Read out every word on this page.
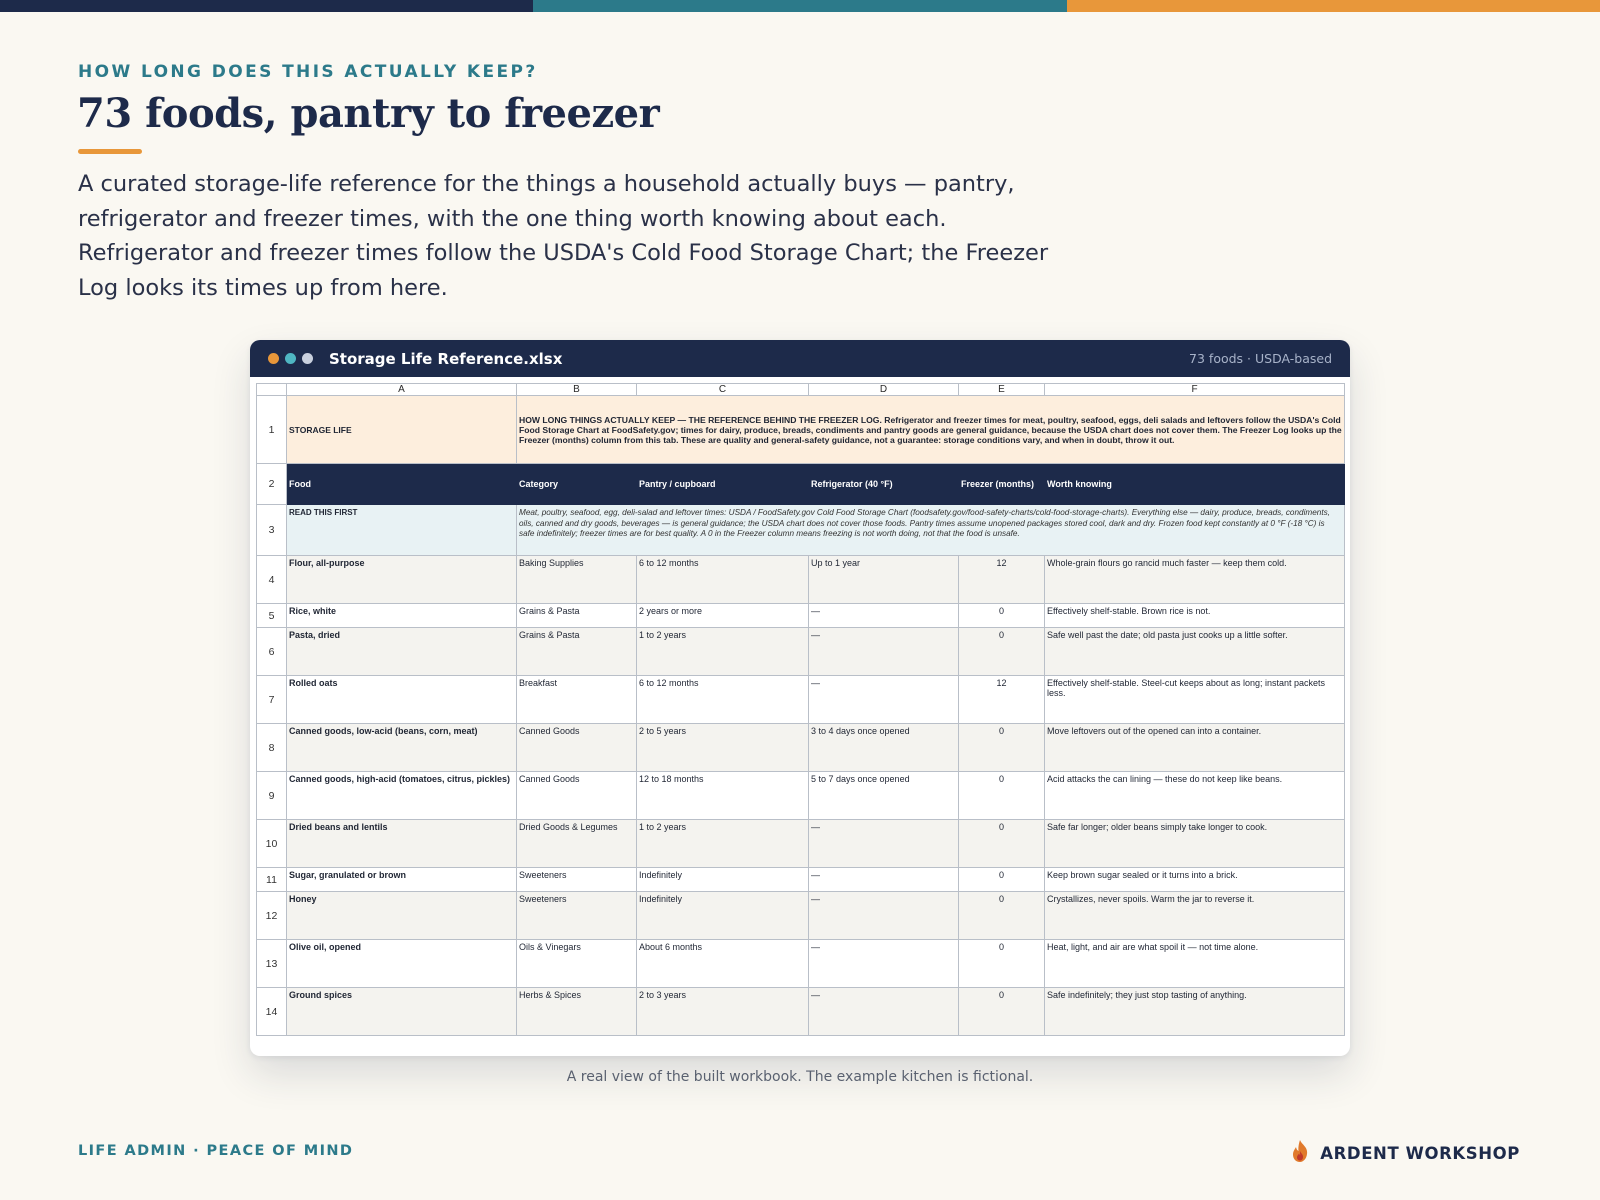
HOW LONG DOES THIS ACTUALLY KEEP?
73 foods, pantry to freezer
A curated storage-life reference for the things a household actually buys — pantry, refrigerator and freezer times, with the one thing worth knowing about each. Refrigerator and freezer times follow the USDA's Cold Food Storage Chart; the Freezer Log looks its times up from here.
Storage Life Reference.xlsx	73 foods · USDA-based
	A	B	C	D	E	F
1	STORAGE LIFE	HOW LONG THINGS ACTUALLY KEEP — THE REFERENCE BEHIND THE FREEZER LOG. Refrigerator and freezer times for meat, poultry, seafood, eggs, deli salads and leftovers follow the USDA's Cold Food Storage Chart at FoodSafety.gov; times for dairy, produce, breads, condiments and pantry goods are general guidance, because the USDA chart does not cover them. The Freezer Log looks up the Freezer (months) column from this tab. These are quality and general-safety guidance, not a guarantee: storage conditions vary, and when in doubt, throw it out.				
2	Food	Category	Pantry / cupboard	Refrigerator (40 °F)	Freezer (months)	Worth knowing
3	READ THIS FIRST	Meat, poultry, seafood, egg, deli-salad and leftover times: USDA / FoodSafety.gov Cold Food Storage Chart (foodsafety.gov/food-safety-charts/cold-food-storage-charts). Everything else — dairy, produce, breads, condiments, oils, canned and dry goods, beverages — is general guidance; the USDA chart does not cover those foods. Pantry times assume unopened packages stored cool, dark and dry. Frozen food kept constantly at 0 °F (-18 °C) is safe indefinitely; freezer times are for best quality. A 0 in the Freezer column means freezing is not worth doing, not that the food is unsafe.				
4	Flour, all-purpose	Baking Supplies	6 to 12 months	Up to 1 year	12	Whole-grain flours go rancid much faster — keep them cold.
5	Rice, white	Grains & Pasta	2 years or more	—	0	Effectively shelf-stable. Brown rice is not.
6	Pasta, dried	Grains & Pasta	1 to 2 years	—	0	Safe well past the date; old pasta just cooks up a little softer.
7	Rolled oats	Breakfast	6 to 12 months	—	12	Effectively shelf-stable. Steel-cut keeps about as long; instant packets less.
8	Canned goods, low-acid (beans, corn, meat)	Canned Goods	2 to 5 years	3 to 4 days once opened	0	Move leftovers out of the opened can into a container.
9	Canned goods, high-acid (tomatoes, citrus, pickles)	Canned Goods	12 to 18 months	5 to 7 days once opened	0	Acid attacks the can lining — these do not keep like beans.
10	Dried beans and lentils	Dried Goods & Legumes	1 to 2 years	—	0	Safe far longer; older beans simply take longer to cook.
11	Sugar, granulated or brown	Sweeteners	Indefinitely	—	0	Keep brown sugar sealed or it turns into a brick.
12	Honey	Sweeteners	Indefinitely	—	0	Crystallizes, never spoils. Warm the jar to reverse it.
13	Olive oil, opened	Oils & Vinegars	About 6 months	—	0	Heat, light, and air are what spoil it — not time alone.
14	Ground spices	Herbs & Spices	2 to 3 years	—	0	Safe indefinitely; they just stop tasting of anything.
A real view of the built workbook. The example kitchen is fictional.
LIFE ADMIN · PEACE OF MIND	ARDENT WORKSHOP
